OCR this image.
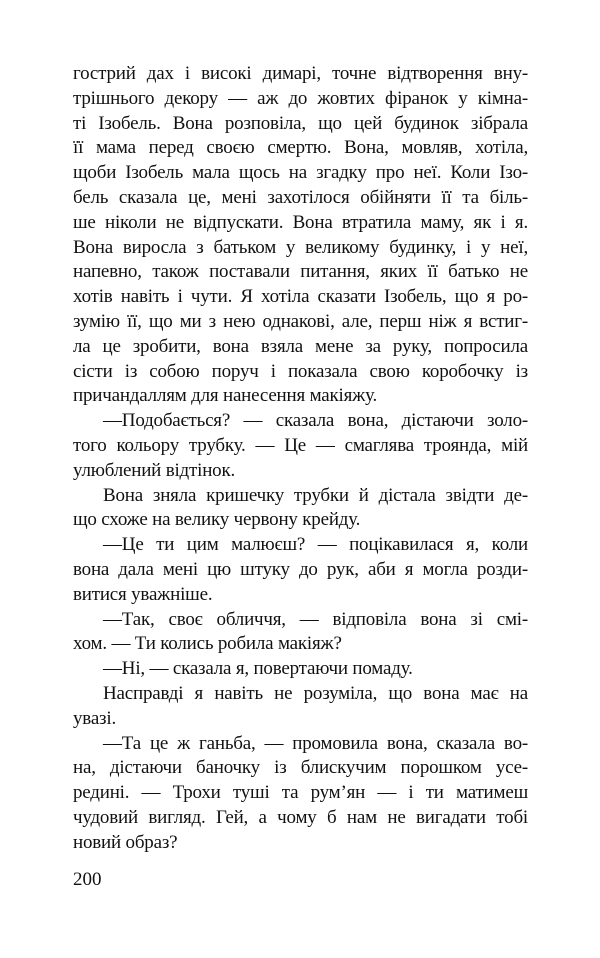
гострий дах і високі димарі, точне відтворення вну-
трішнього декору — аж до жовтих фіранок у кімна-
ті Ізобель. Вона розповіла, що цей будинок зібрала
її мама перед своєю смертю. Вона, мовляв, хотіла,
щоби Ізобель мала щось на згадку про неї. Коли Ізо-
бель сказала це, мені захотілося обійняти її та біль-
ше ніколи не відпускати. Вона втратила маму, як і я.
Вона виросла з батьком у великому будинку, і у неї,
напевно, також поставали питання, яких її батько не
хотів навіть і чути. Я хотіла сказати Ізобель, що я ро-
зумію її, що ми з нею однакові, але, перш ніж я встиг-
ла це зробити, вона взяла мене за руку, попросила
сісти із собою поруч і показала свою коробочку із
причандаллям для нанесення макіяжу.
—Подобається? — сказала вона, дістаючи золо-
того кольору трубку. — Це — смаглява троянда, мій
улюблений відтінок.
Вона зняла кришечку трубки й дістала звідти де-
що схоже на велику червону крейду.
—Це ти цим малюєш? — поцікавилася я, коли
вона дала мені цю штуку до рук, аби я могла розди-
витися уважніше.
—Так, своє обличчя, — відповіла вона зі смі-
хом. — Ти колись робила макіяж?
—Ні, — сказала я, повертаючи помаду.
Насправді я навіть не розуміла, що вона має на
увазі.
—Та це ж ганьба, — промовила вона, сказала во-
на, дістаючи баночку із блискучим порошком усе-
редині. — Трохи туші та рум’ян — і ти матимеш
чудовий вигляд. Гей, а чому б нам не вигадати тобі
новий образ?
200
